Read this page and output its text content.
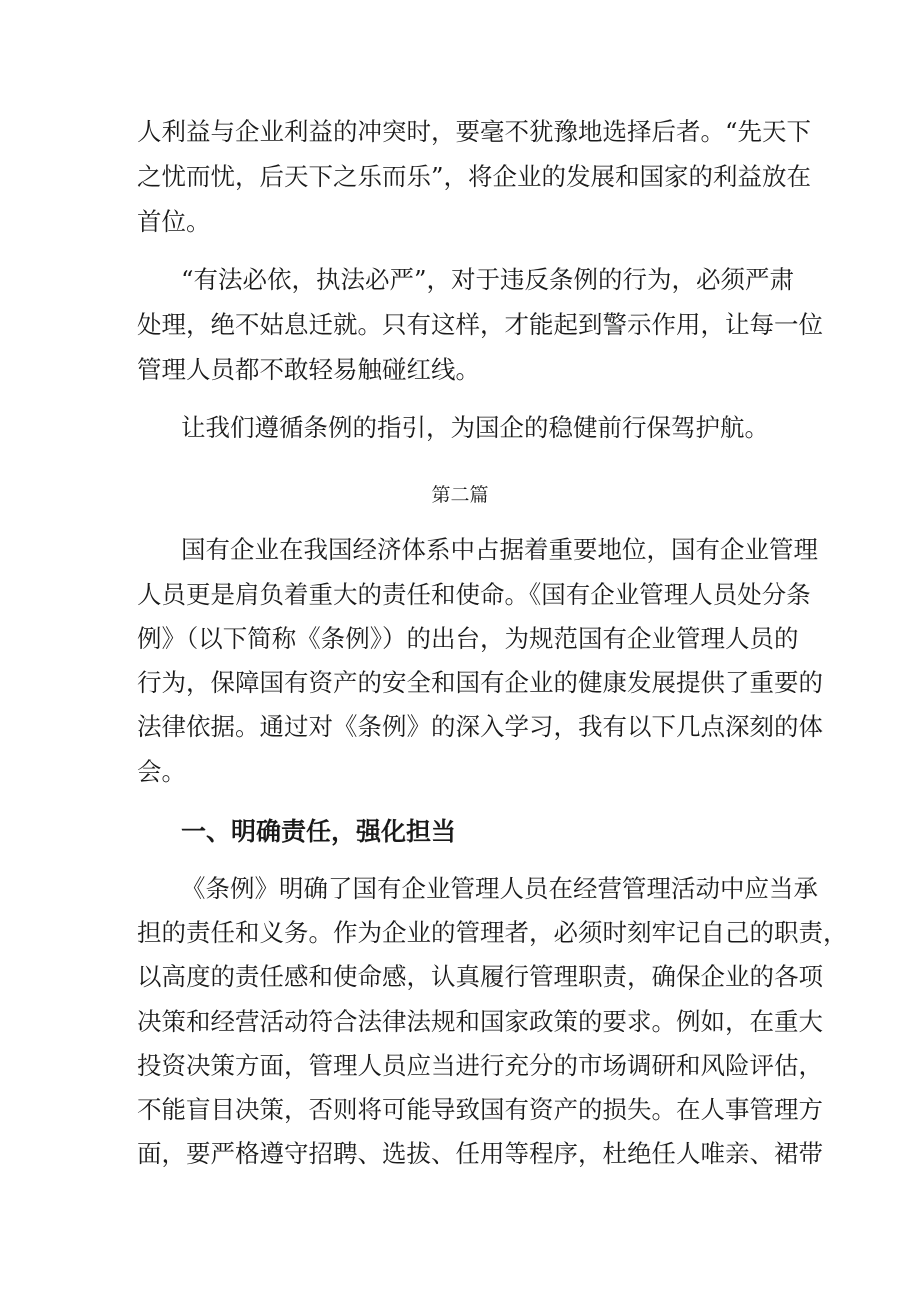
人利益与企业利益的冲突时，要毫不犹豫地选择后者。“先天下
之忧而忧，后天下之乐而乐”，将企业的发展和国家的利益放在
首位。
“有法必依，执法必严”，对于违反条例的行为，必须严肃
处理，绝不姑息迁就。只有这样，才能起到警示作用，让每一位
管理人员都不敢轻易触碰红线。
让我们遵循条例的指引，为国企的稳健前行保驾护航。
第二篇
国有企业在我国经济体系中占据着重要地位，国有企业管理
人员更是肩负着重大的责任和使命。《国有企业管理人员处分条
例》（以下简称《条例》）的出台，为规范国有企业管理人员的
行为，保障国有资产的安全和国有企业的健康发展提供了重要的
法律依据。通过对《条例》的深入学习，我有以下几点深刻的体
会。
一、明确责任，强化担当
《条例》明确了国有企业管理人员在经营管理活动中应当承
担的责任和义务。作为企业的管理者，必须时刻牢记自己的职责，
以高度的责任感和使命感，认真履行管理职责，确保企业的各项
决策和经营活动符合法律法规和国家政策的要求。例如，在重大
投资决策方面，管理人员应当进行充分的市场调研和风险评估，
不能盲目决策，否则将可能导致国有资产的损失。在人事管理方
面，要严格遵守招聘、选拔、任用等程序，杜绝任人唯亲、裙带
